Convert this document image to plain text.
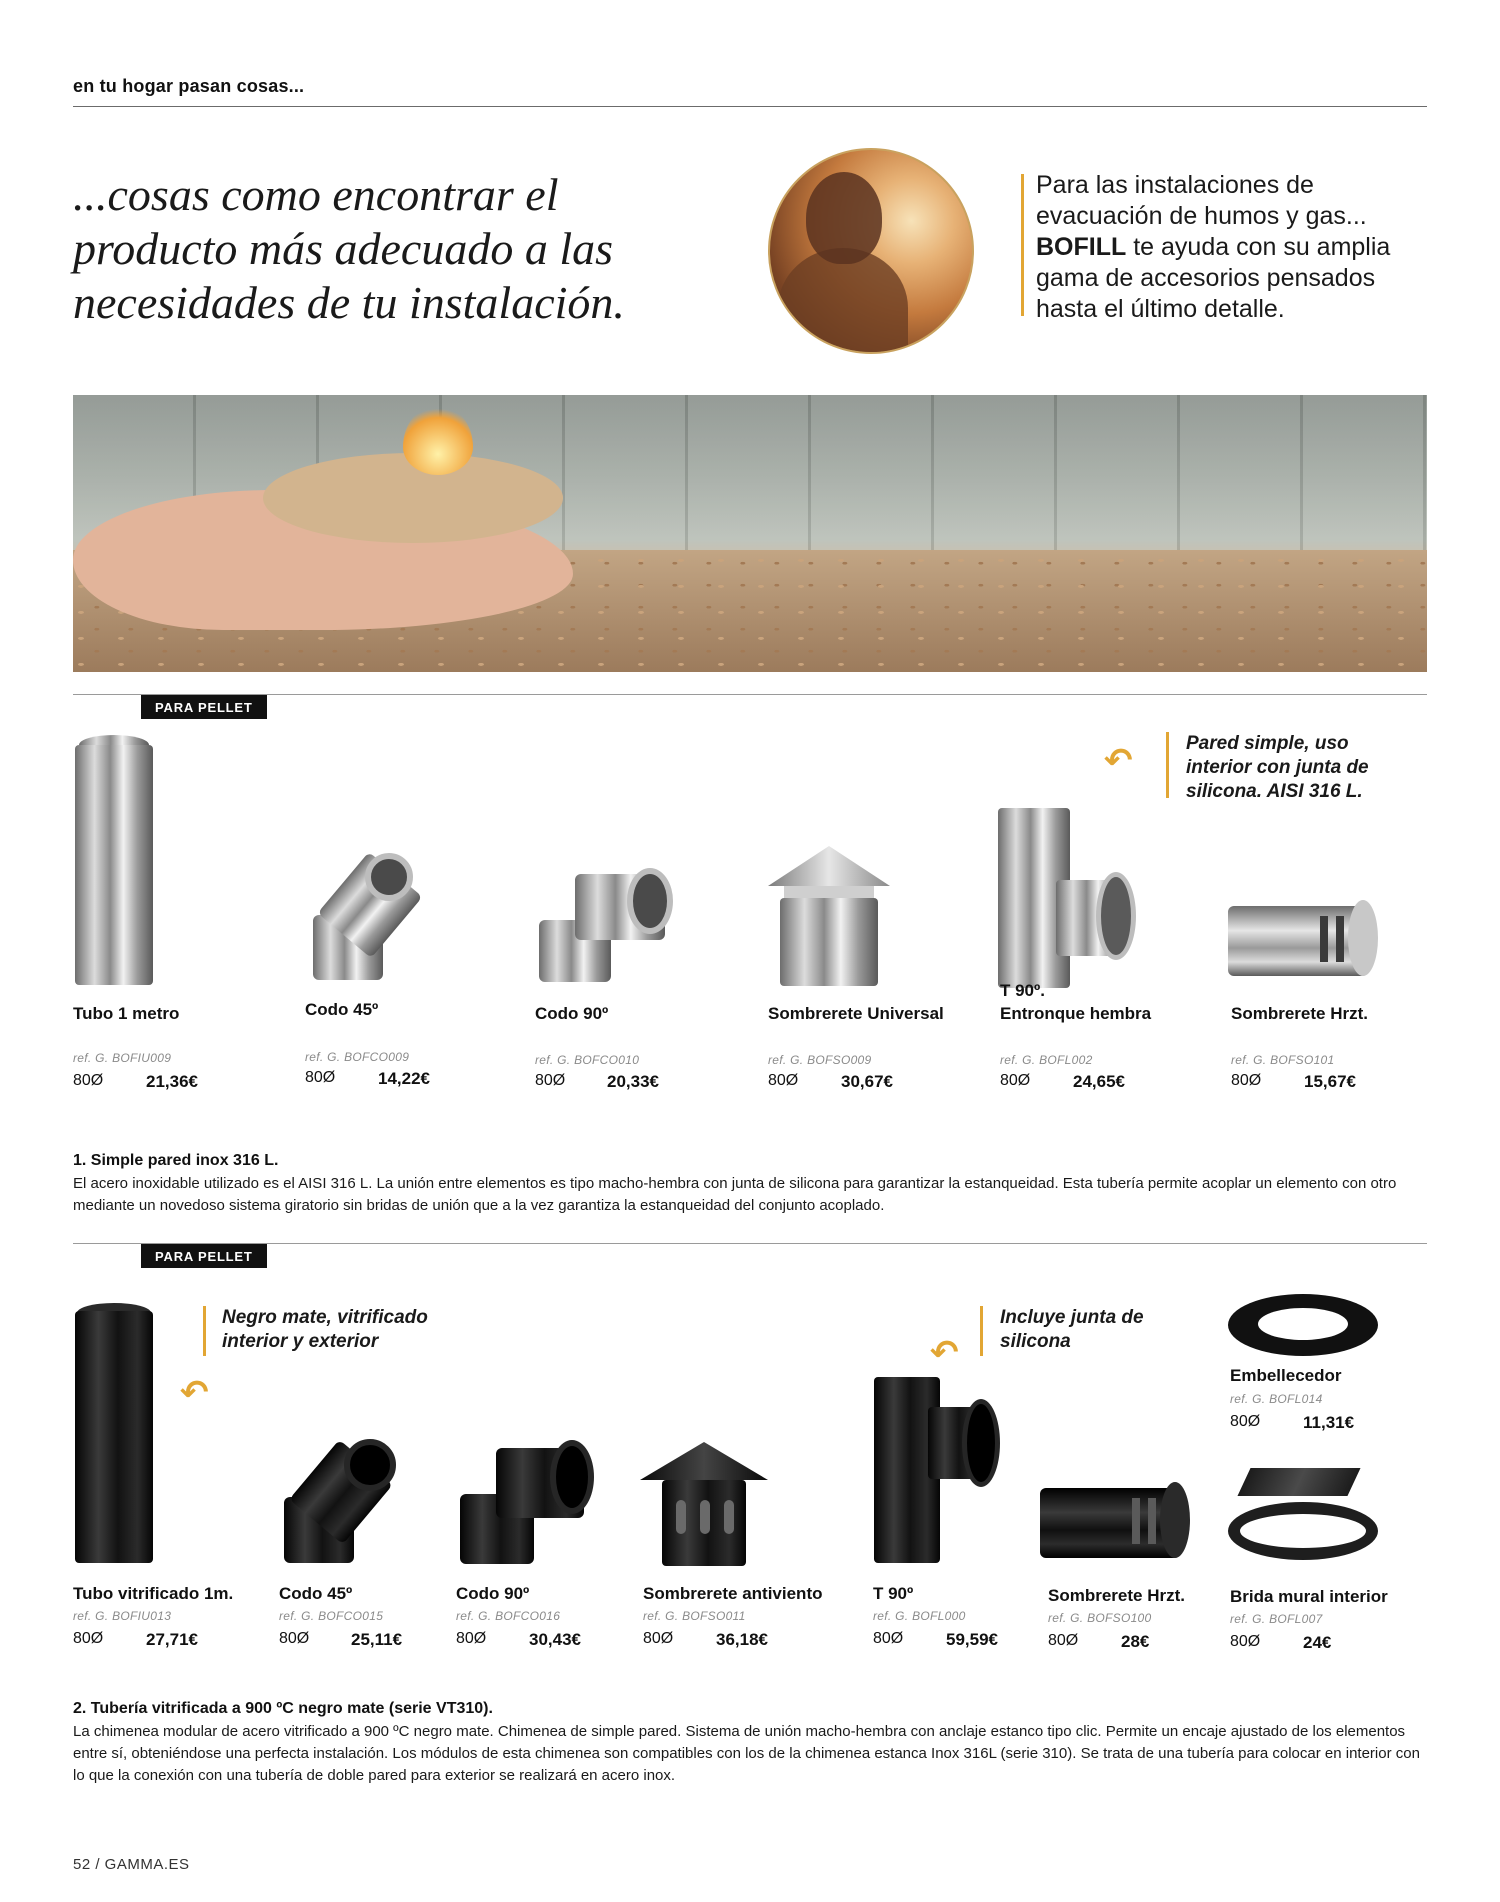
en tu hogar pasan cosas...
...cosas como encontrar el
producto más adecuado a las
necesidades de tu instalación.
Para las instalaciones de evacuación de humos y gas... BOFILL te ayuda con su amplia gama de accesorios pensados hasta el último detalle.
PARA PELLET
↶	Pared simple, uso interior con junta de silicona. AISI 316 L.
Tubo 1 metro
ref. G. BOFIU009
80Ø	21,36€
Codo 45º
ref. G. BOFCO009
80Ø	14,22€
Codo 90º
ref. G. BOFCO010
80Ø 20,33€
Sombrerete Universal
ref. G. BOFSO009
80Ø	30,67€
T 90º.
Entronque hembra
ref. G. BOFL002
80Ø	24,65€
Sombrerete Hrzt.
ref. G. BOFSO101
80Ø	15,67€
1. Simple pared inox 316 L.
El acero inoxidable utilizado es el AISI 316 L. La unión entre elementos es tipo macho-hembra con junta de silicona para garantizar la estanqueidad. Esta tubería permite acoplar un elemento con otro mediante un novedoso sistema giratorio sin bridas de unión que a la vez garantiza la estanqueidad del conjunto acoplado.
PARA PELLET
Negro mate, vitrificado interior y exterior
↶
Incluye junta de silicona
↶
Tubo vitrificado 1m.
ref. G. BOFIU013
80Ø	27,71€
Codo 45º
ref. G. BOFCO015
80Ø 25,11€
Codo 90º
ref. G. BOFCO016
80Ø	30,43€
Sombrerete antiviento
ref. G. BOFSO011
80Ø	36,18€
T 90º
ref. G. BOFL000
80Ø	59,59€
Sombrerete Hrzt.
ref. G. BOFSO100
80Ø	28€
Embellecedor
ref. G. BOFL014
80Ø	11,31€
Brida mural interior
ref. G. BOFL007
80Ø	24€
2. Tubería vitrificada a 900 ºC negro mate (serie VT310).
La chimenea modular de acero vitrificado a 900 ºC negro mate. Chimenea de simple pared. Sistema de unión macho-hembra con anclaje estanco tipo clic. Permite un encaje ajustado de los elementos entre sí, obteniéndose una perfecta instalación. Los módulos de esta chimenea son compatibles con los de la chimenea estanca Inox 316L (serie 310). Se trata de una tubería para colocar en interior con lo que la conexión con una tubería de doble pared para exterior se realizará en acero inox.
52 / GAMMA.ES
